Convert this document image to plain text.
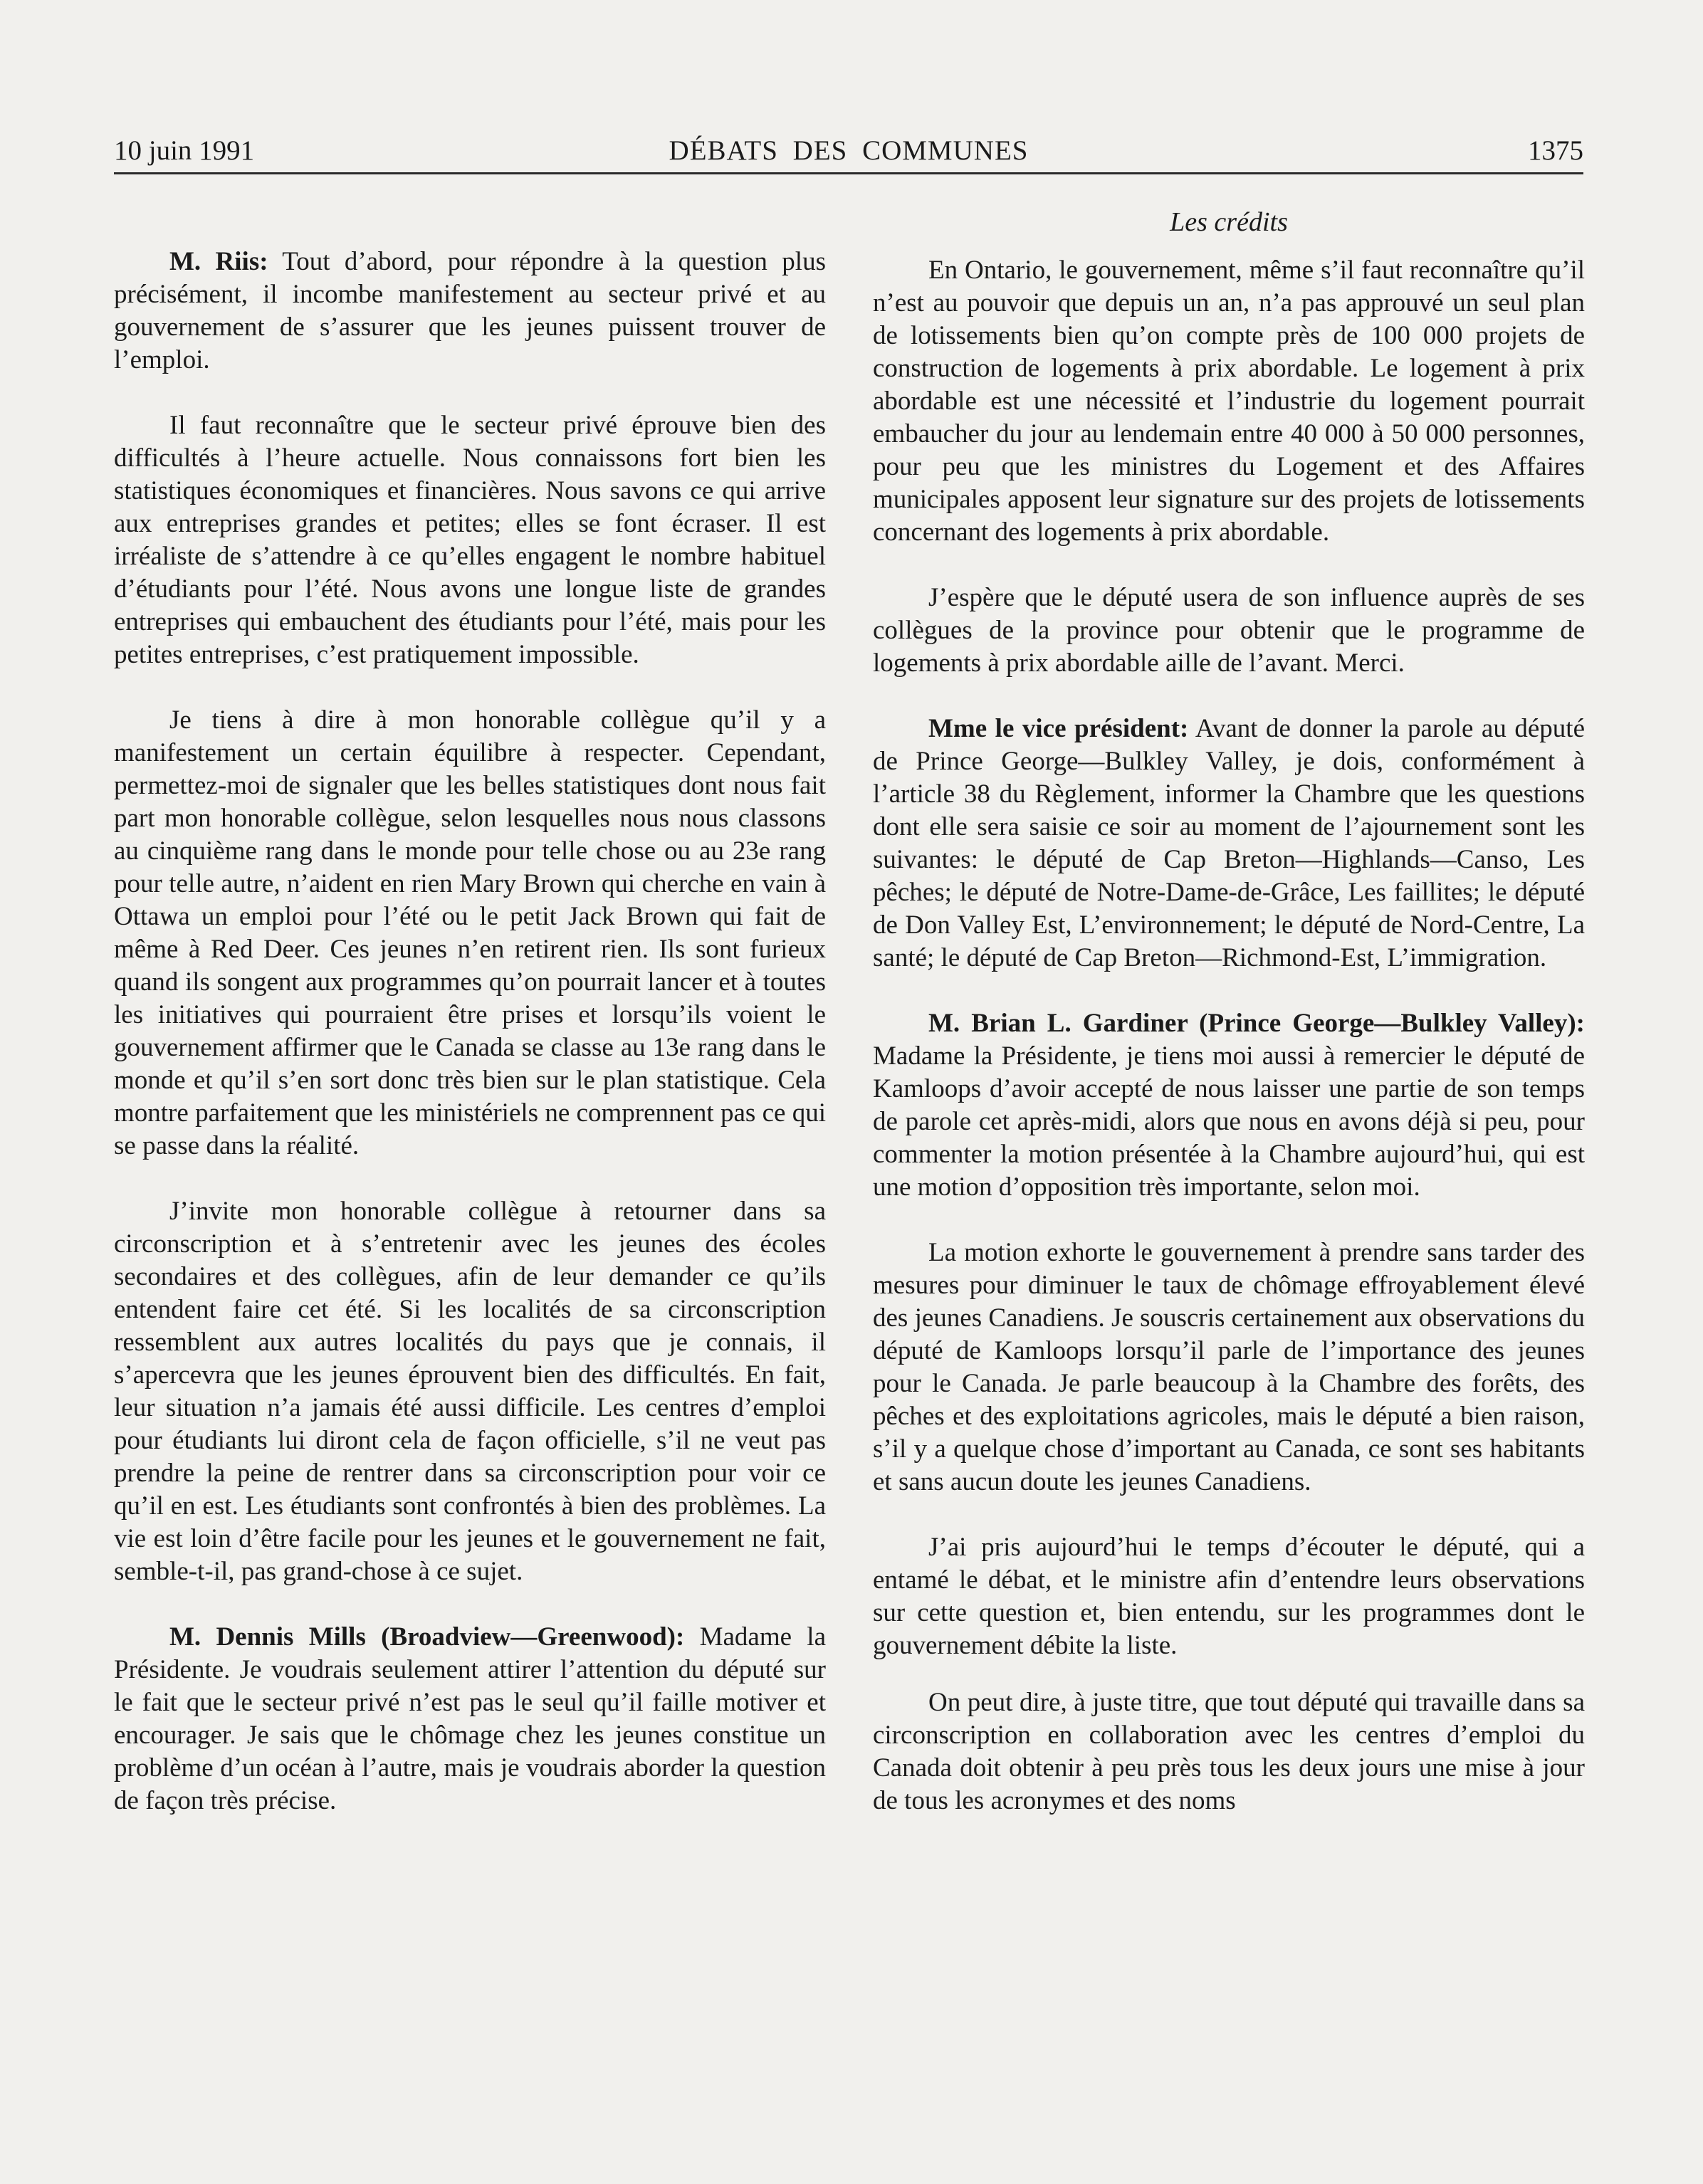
10 juin 1991	DÉBATS DES COMMUNES	1375
Les crédits

M. Riis: Tout d’abord, pour répondre à la question plus précisément, il incombe manifestement au secteur privé et au gouvernement de s’assurer que les jeunes puissent trouver de l’emploi.

Il faut reconnaître que le secteur privé éprouve bien des difficultés à l’heure actuelle. Nous connaissons fort bien les statistiques économiques et financières. Nous savons ce qui arrive aux entreprises grandes et petites; elles se font écraser. Il est irréaliste de s’attendre à ce qu’elles engagent le nombre habituel d’étudiants pour l’été. Nous avons une longue liste de grandes entreprises qui embauchent des étudiants pour l’été, mais pour les petites entreprises, c’est pratiquement impossible.

Je tiens à dire à mon honorable collègue qu’il y a manifestement un certain équilibre à respecter. Cependant, permettez-moi de signaler que les belles statistiques dont nous fait part mon honorable collègue, selon lesquelles nous nous classons au cinquième rang dans le monde pour telle chose ou au 23e rang pour telle autre, n’aident en rien Mary Brown qui cherche en vain à Ottawa un emploi pour l’été ou le petit Jack Brown qui fait de même à Red Deer. Ces jeunes n’en retirent rien. Ils sont furieux quand ils songent aux programmes qu’on pourrait lancer et à toutes les initiatives qui pourraient être prises et lorsqu’ils voient le gouvernement affirmer que le Canada se classe au 13e rang dans le monde et qu’il s’en sort donc très bien sur le plan statistique. Cela montre parfaitement que les ministériels ne comprennent pas ce qui se passe dans la réalité.

J’invite mon honorable collègue à retourner dans sa circonscription et à s’entretenir avec les jeunes des écoles secondaires et des collègues, afin de leur demander ce qu’ils entendent faire cet été. Si les localités de sa circonscription ressemblent aux autres localités du pays que je connais, il s’apercevra que les jeunes éprouvent bien des difficultés. En fait, leur situation n’a jamais été aussi difficile. Les centres d’emploi pour étudiants lui diront cela de façon officielle, s’il ne veut pas prendre la peine de rentrer dans sa circonscription pour voir ce qu’il en est. Les étudiants sont confrontés à bien des problèmes. La vie est loin d’être facile pour les jeunes et le gouvernement ne fait, semble-t-il, pas grand-chose à ce sujet.

M. Dennis Mills (Broadview—Greenwood): Madame la Présidente. Je voudrais seulement attirer l’attention du député sur le fait que le secteur privé n’est pas le seul qu’il faille motiver et encourager. Je sais que le chômage chez les jeunes constitue un problème d’un océan à l’autre, mais je voudrais aborder la question de façon très précise.

En Ontario, le gouvernement, même s’il faut reconnaître qu’il n’est au pouvoir que depuis un an, n’a pas approuvé un seul plan de lotissements bien qu’on compte près de 100 000 projets de construction de logements à prix abordable. Le logement à prix abordable est une nécessité et l’industrie du logement pourrait embaucher du jour au lendemain entre 40 000 à 50 000 personnes, pour peu que les ministres du Logement et des Affaires municipales apposent leur signature sur des projets de lotissements concernant des logements à prix abordable.

J’espère que le député usera de son influence auprès de ses collègues de la province pour obtenir que le programme de logements à prix abordable aille de l’avant. Merci.

Mme le vice président: Avant de donner la parole au député de Prince George—Bulkley Valley, je dois, conformément à l’article 38 du Règlement, informer la Chambre que les questions dont elle sera saisie ce soir au moment de l’ajournement sont les suivantes: le député de Cap Breton—Highlands—Canso, Les pêches; le député de Notre-Dame-de-Grâce, Les faillites; le député de Don Valley Est, L’environnement; le député de Nord-Centre, La santé; le député de Cap Breton—Richmond-Est, L’immigration.

M. Brian L. Gardiner (Prince George—Bulkley Valley): Madame la Présidente, je tiens moi aussi à remercier le député de Kamloops d’avoir accepté de nous laisser une partie de son temps de parole cet après-midi, alors que nous en avons déjà si peu, pour commenter la motion présentée à la Chambre aujourd’hui, qui est une motion d’opposition très importante, selon moi.

La motion exhorte le gouvernement à prendre sans tarder des mesures pour diminuer le taux de chômage effroyablement élevé des jeunes Canadiens. Je souscris certainement aux observations du député de Kamloops lorsqu’il parle de l’importance des jeunes pour le Canada. Je parle beaucoup à la Chambre des forêts, des pêches et des exploitations agricoles, mais le député a bien raison, s’il y a quelque chose d’important au Canada, ce sont ses habitants et sans aucun doute les jeunes Canadiens.

J’ai pris aujourd’hui le temps d’écouter le député, qui a entamé le débat, et le ministre afin d’entendre leurs observations sur cette question et, bien entendu, sur les programmes dont le gouvernement débite la liste.

On peut dire, à juste titre, que tout député qui travaille dans sa circonscription en collaboration avec les centres d’emploi du Canada doit obtenir à peu près tous les deux jours une mise à jour de tous les acronymes et des noms
